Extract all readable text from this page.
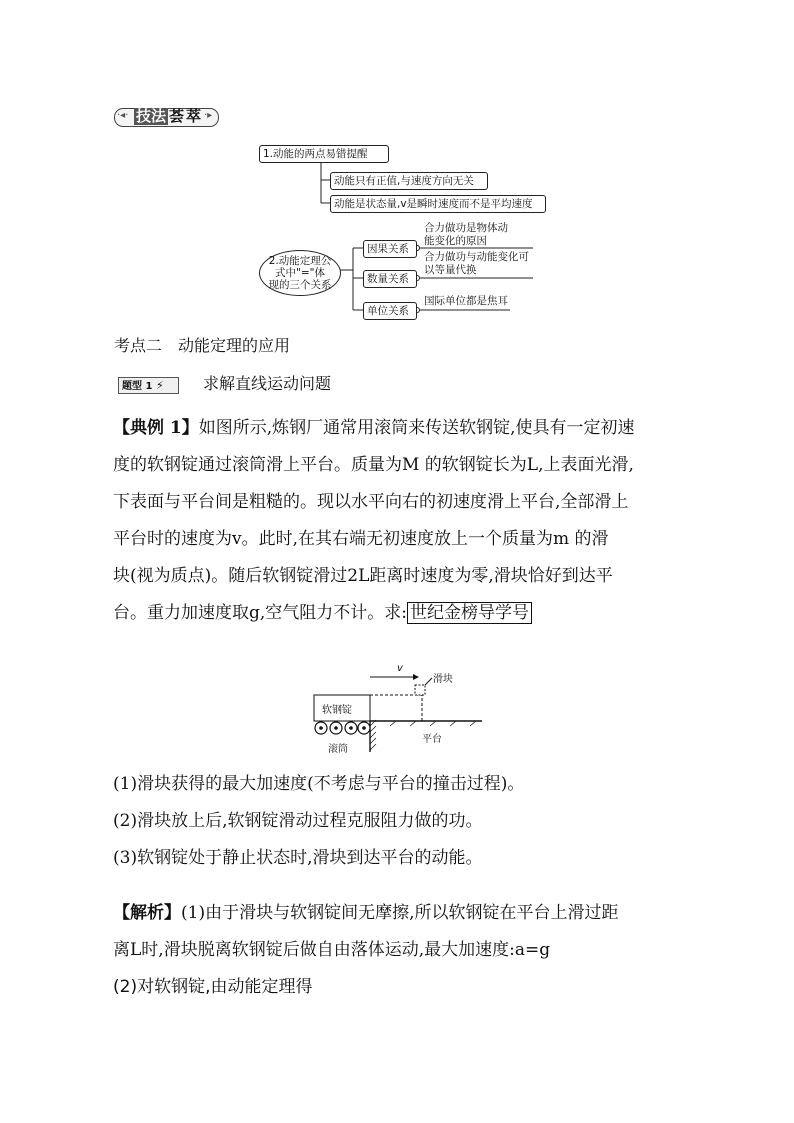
·◂· 技法 荟萃 ·▸
1.动能的两点易错提醒
动能只有正值,与速度方向无关
动能是状态量,v是瞬时速度而不是平均速度
2.动能定理公
式中"="体
现的三个关系
因果关系
数量关系
单位关系
合力做功是物体动
能变化的原因
合力做功与动能变化可
以等量代换
国际单位都是焦耳
考点二　动能定理的应用
题型 1 ⚡	求解直线运动问题
【典例 1】如图所示,炼钢厂通常用滚筒来传送软钢锭,使具有一定初速
度的软钢锭通过滚筒滑上平台。质量为M 的软钢锭长为L,上表面光滑,
下表面与平台间是粗糙的。现以水平向右的初速度滑上平台,全部滑上
平台时的速度为v。此时,在其右端无初速度放上一个质量为m 的滑
块(视为质点)。随后软钢锭滑过2L距离时速度为零,滑块恰好到达平
台。重力加速度取g,空气阻力不计。求: 世纪金榜导学号
v
滑块
软钢锭
滚筒
平台
(1)滑块获得的最大加速度(不考虑与平台的撞击过程)。
(2)滑块放上后,软钢锭滑动过程克服阻力做的功。
(3)软钢锭处于静止状态时,滑块到达平台的动能。
【解析】(1)由于滑块与软钢锭间无摩擦,所以软钢锭在平台上滑过距
离L时,滑块脱离软钢锭后做自由落体运动,最大加速度:a=g
(2)对软钢锭,由动能定理得
